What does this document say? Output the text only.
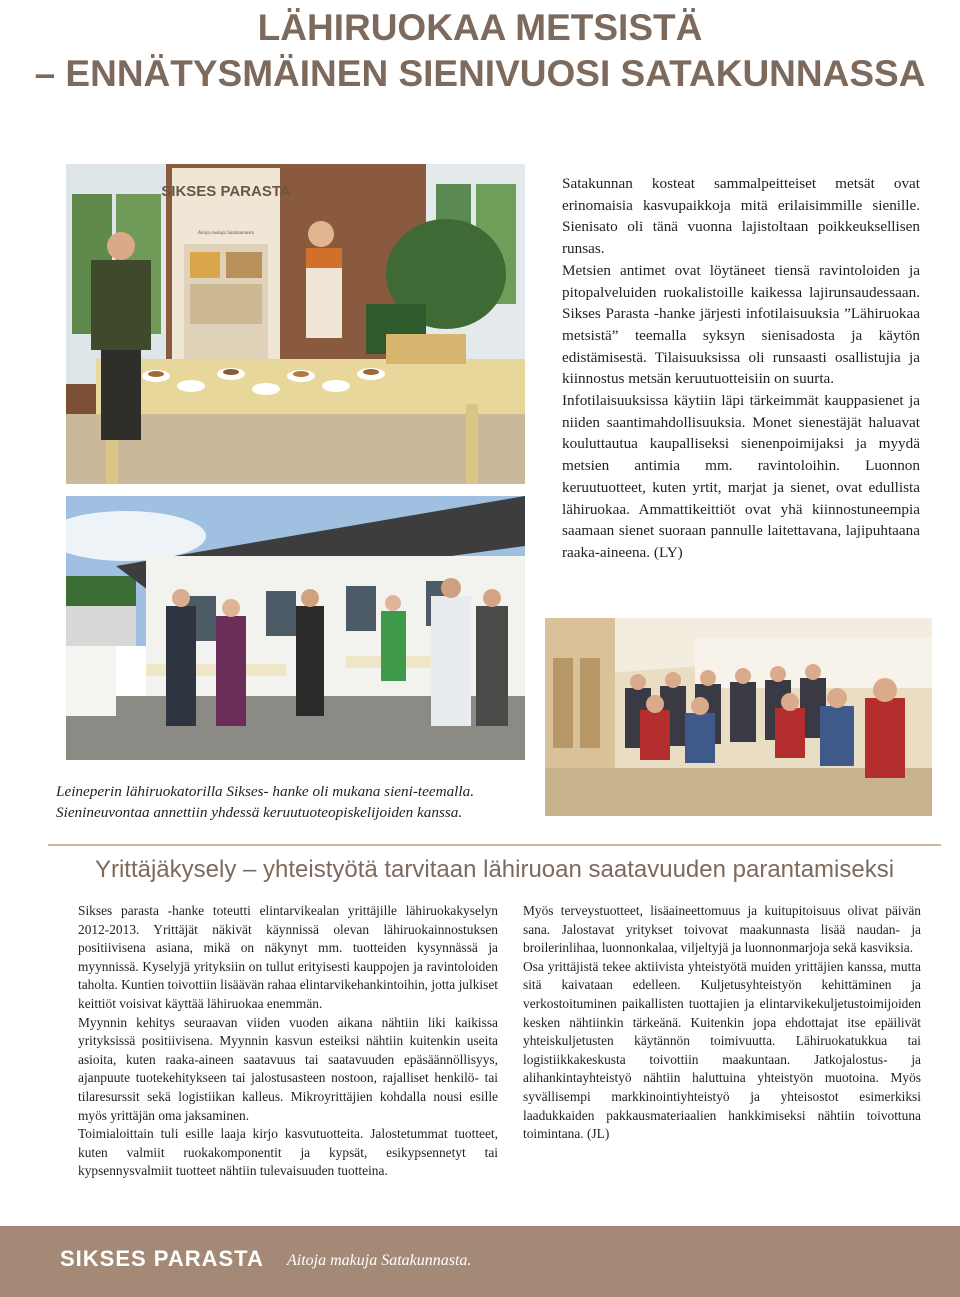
LÄHIRUOKAA METSISTÄ
– ENNÄTYSMÄINEN SIENIVUOSI SATAKUNNASSA
SIKSES PARASTA
Aitoja makuja Satakunnasta

Satakunnan kosteat sammalpeitteiset metsät ovat erinomaisia kasvupaikkoja mitä erilaisimmille sienille. Sienisato oli tänä vuonna lajistoltaan poikkeuksellisen runsas.

Metsien antimet ovat löytäneet tiensä ravintoloiden ja pitopalveluiden ruokalistoille kaikessa lajirunsaudessaan. Sikses Parasta -hanke järjesti infotilaisuuksia ”Lähiruokaa metsistä” teemalla syksyn sienisadosta ja käytön edistämisestä. Tilaisuuksissa oli runsaasti osallistujia ja kiinnostus metsän keruutuotteisiin on suurta.

Infotilaisuuksissa käytiin läpi tärkeimmät kauppasienet ja niiden saantimahdollisuuksia. Monet sienestäjät haluavat kouluttautua kaupalliseksi sienenpoimijaksi ja myydä metsien antimia mm. ravintoloihin. Luonnon keruutuotteet, kuten yrtit, marjat ja sienet, ovat edullista lähiruokaa. Ammattikeittiöt ovat yhä kiinnostuneempia saamaan sienet suoraan pannulle laitettavana, lajipuhtaana raaka-aineena. (LY)

Leineperin lähiruokatorilla Sikses- hanke oli mukana sieni-teemalla.

Sienineuvontaa annettiin yhdessä keruutuoteopiskelijoiden kanssa.

Yrittäjäkysely – yhteistyötä tarvitaan lähiruoan saatavuuden parantamiseksi

Sikses parasta -hanke toteutti elintarvikealan yrittäjille lähiruokakyselyn 2012-2013. Yrittäjät näkivät käynnissä olevan lähiruokainnostuksen positiivisena asiana, mikä on näkynyt mm. tuotteiden kysynnässä ja myynnissä. Kyselyjä yrityksiin on tullut erityisesti kauppojen ja ravintoloiden taholta. Kuntien toivottiin lisäävän rahaa elintarvikehankintoihin, jotta julkiset keittiöt voisivat käyttää lähiruokaa enemmän.

Myynnin kehitys seuraavan viiden vuoden aikana nähtiin liki kaikissa yrityksissä positiivisena. Myynnin kasvun esteiksi nähtiin kuitenkin useita asioita, kuten raaka-aineen saatavuus tai saatavuuden epäsäännöllisyys, ajanpuute tuotekehitykseen tai jalostusasteen nostoon, rajalliset henkilö- tai tilaresurssit sekä logistiikan kalleus. Mikroyrittäjien kohdalla nousi esille myös yrittäjän oma jaksaminen.

Toimialoittain tuli esille laaja kirjo kasvutuotteita. Jalostetummat tuotteet, kuten valmiit ruokakomponentit ja kypsät, esikypsennetyt tai kypsennysvalmiit tuotteet nähtiin tulevaisuuden tuotteina.

Myös terveystuotteet, lisäaineettomuus ja kuitupitoisuus olivat päivän sana. Jalostavat yritykset toivovat maakunnasta lisää naudan- ja broilerinlihaa, luonnonkalaa, viljeltyjä ja luonnonmarjoja sekä kasviksia.

Osa yrittäjistä tekee aktiivista yhteistyötä muiden yrittäjien kanssa, mutta sitä kaivataan edelleen. Kuljetusyhteistyön kehittäminen ja verkostoituminen paikallisten tuottajien ja elintarvikekuljetustoimijoiden kesken nähtiinkin tärkeänä. Kuitenkin jopa ehdottajat itse epäilivät yhteiskuljetusten käytännön toimivuutta. Lähiruokatukkua tai logistiikkakeskusta toivottiin maakuntaan. Jatkojalostus- ja alihankintayhteistyö nähtiin haluttuina yhteistyön muotoina. Myös syvällisempi markkinointiyhteistyö ja yhteisostot esimerkiksi laadukkaiden pakkausmateriaalien hankkimiseksi nähtiin toivottuna toimintana. (JL)

SIKSES PARASTA Aitoja makuja Satakunnasta.
